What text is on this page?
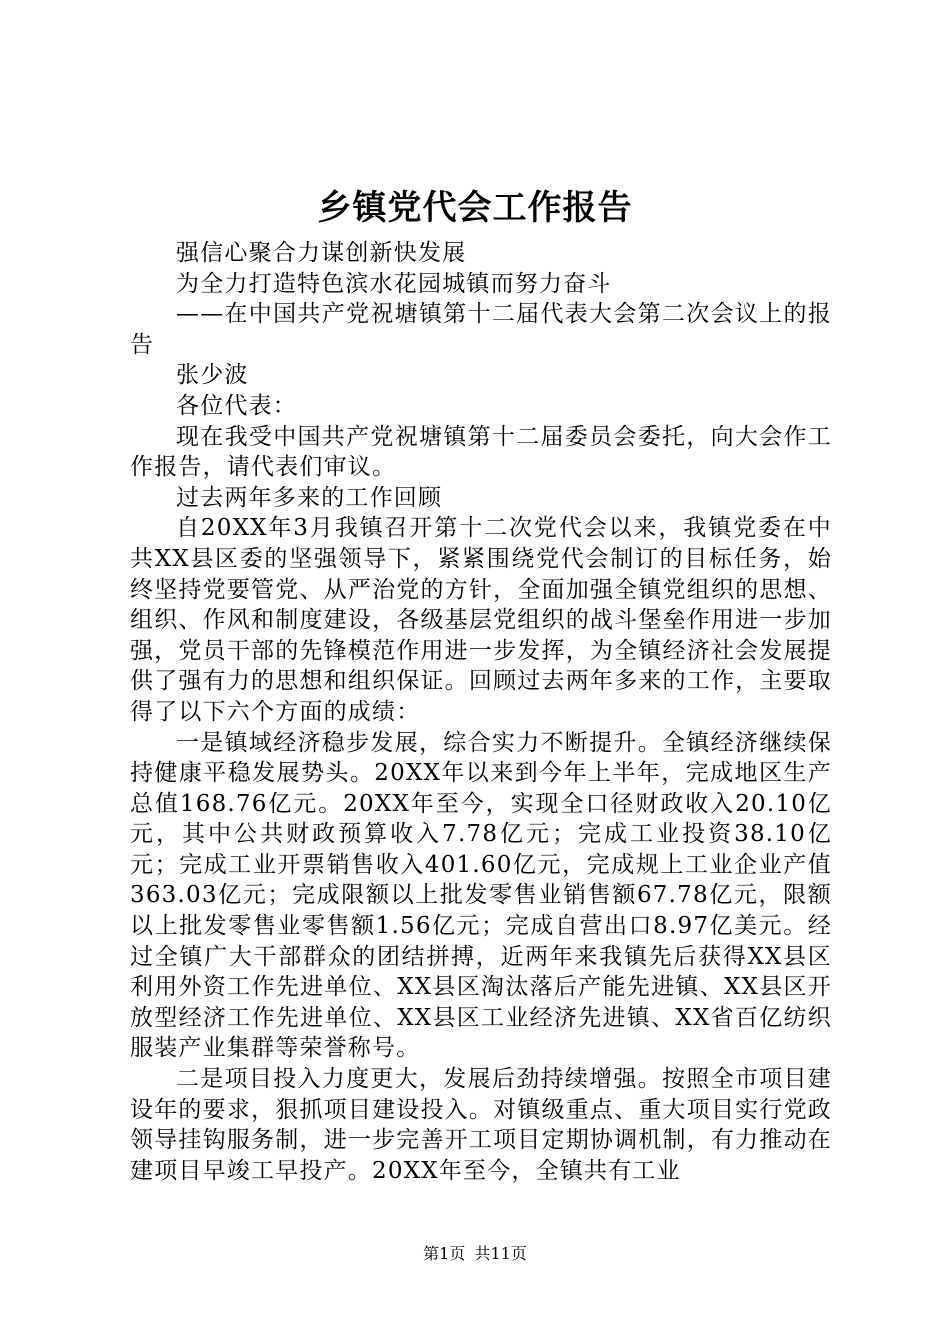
乡镇党代会工作报告

强信心聚合力谋创新快发展

为全力打造特色滨水花园城镇而努力奋斗

——在中国共产党祝塘镇第十二届代表大会第二次会议上的报告

张少波

各位代表：

现在我受中国共产党祝塘镇第十二届委员会委托，向大会作工作报告，请代表们审议。

过去两年多来的工作回顾

自20XX年3月我镇召开第十二次党代会以来，我镇党委在中共XX县区委的坚强领导下，紧紧围绕党代会制订的目标任务，始终坚持党要管党、从严治党的方针，全面加强全镇党组织的思想、组织、作风和制度建设，各级基层党组织的战斗堡垒作用进一步加强，党员干部的先锋模范作用进一步发挥，为全镇经济社会发展提供了强有力的思想和组织保证。回顾过去两年多来的工作，主要取得了以下六个方面的成绩：

一是镇域经济稳步发展，综合实力不断提升。全镇经济继续保持健康平稳发展势头。20XX年以来到今年上半年，完成地区生产总值168.76亿元。20XX年至今，实现全口径财政收入20.10亿元，其中公共财政预算收入7.78亿元；完成工业投资38.10亿元；完成工业开票销售收入401.60亿元，完成规上工业企业产值363.03亿元；完成限额以上批发零售业销售额67.78亿元，限额以上批发零售业零售额1.56亿元；完成自营出口8.97亿美元。经过全镇广大干部群众的团结拼搏，近两年来我镇先后获得XX县区利用外资工作先进单位、XX县区淘汰落后产能先进镇、XX县区开放型经济工作先进单位、XX县区工业经济先进镇、XX省百亿纺织服装产业集群等荣誉称号。

二是项目投入力度更大，发展后劲持续增强。按照全市项目建设年的要求，狠抓项目建设投入。对镇级重点、重大项目实行党政领导挂钩服务制，进一步完善开工项目定期协调机制，有力推动在建项目早竣工早投产。20XX年至今，全镇共有工业

第1页 共11页
